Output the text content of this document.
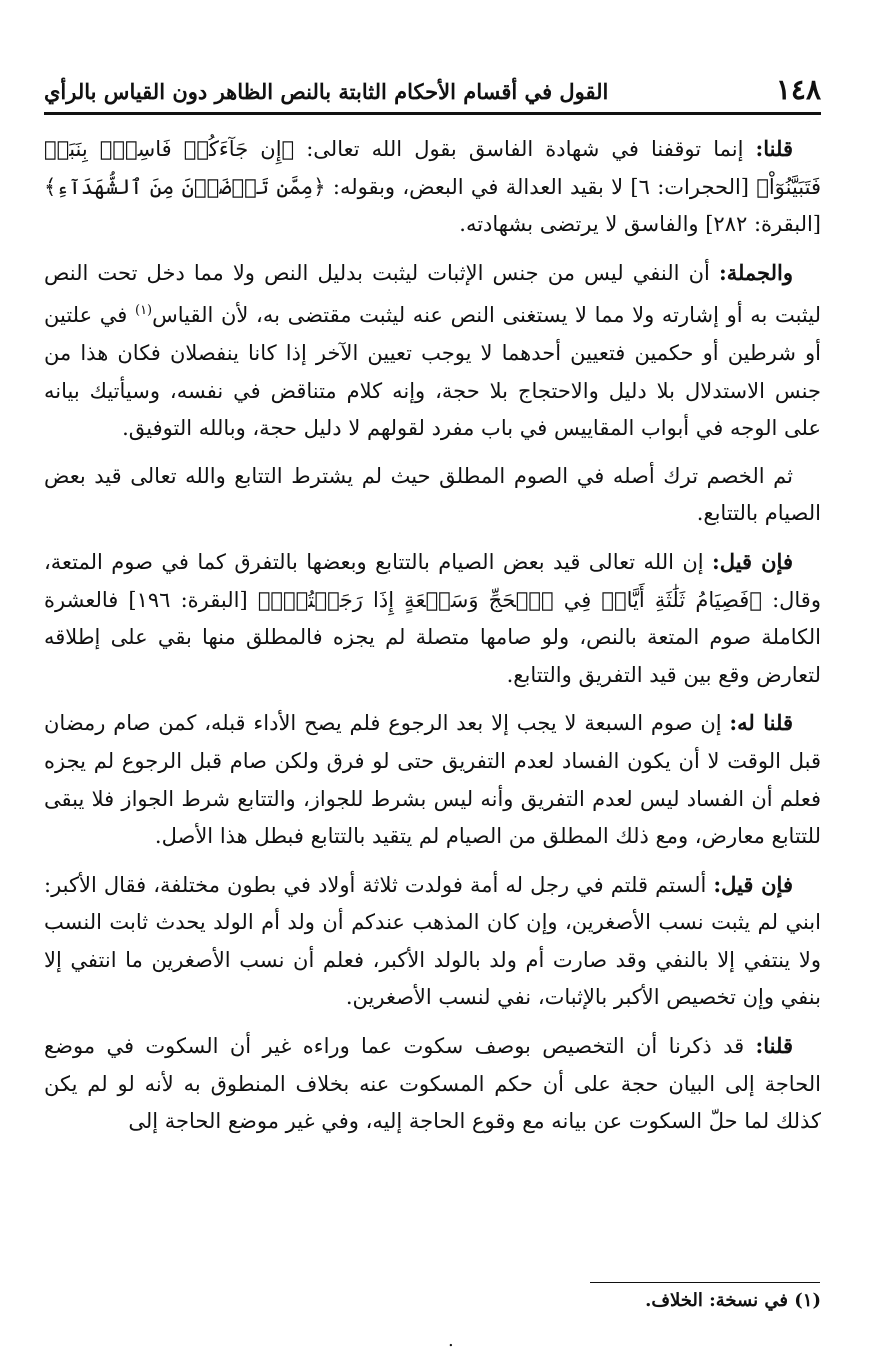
١٤٨
القول في أقسام الأحكام الثابتة بالنص الظاهر دون القياس بالرأي

قلنا: إنما توقفنا في شهادة الفاسق بقول الله تعالى: ﴿إِن جَآءَكُمۡ فَاسِقُۢ بِنَبَإٖ فَتَبَيَّنُوٓاْ﴾ [الحجرات: ٦] لا بقيد العدالة في البعض، وبقوله: ﴿مِمَّن تَرۡضَوۡنَ مِنَ ٱلشُّهَدَآءِ﴾ [البقرة: ٢٨٢] والفاسق لا يرتضى بشهادته.

والجملة: أن النفي ليس من جنس الإثبات ليثبت بدليل النص ولا مما دخل تحت النص ليثبت به أو إشارته ولا مما لا يستغنى النص عنه ليثبت مقتضى به، لأن القياس$^{(١)}$ في علتين أو شرطين أو حكمين فتعيين أحدهما لا يوجب تعيين الآخر إذا كانا ينفصلان فكان هذا من جنس الاستدلال بلا دليل والاحتجاج بلا حجة، وإنه كلام متناقض في نفسه، وسيأتيك بيانه على الوجه في أبواب المقاييس في باب مفرد لقولهم لا دليل حجة، وبالله التوفيق.

ثم الخصم ترك أصله في الصوم المطلق حيث لم يشترط التتابع والله تعالى قيد بعض الصيام بالتتابع.

فإن قيل: إن الله تعالى قيد بعض الصيام بالتتابع وبعضها بالتفرق كما في صوم المتعة، وقال: ﴿فَصِيَامُ ثَلَٰثَةِ أَيَّامٖ فِي ٱلۡحَجِّ وَسَبۡعَةٍ إِذَا رَجَعۡتُمۡۗ﴾ [البقرة: ١٩٦] فالعشرة الكاملة صوم المتعة بالنص، ولو صامها متصلة لم يجزه فالمطلق منها بقي على إطلاقه لتعارض وقع بين قيد التفريق والتتابع.

قلنا له: إن صوم السبعة لا يجب إلا بعد الرجوع فلم يصح الأداء قبله، كمن صام رمضان قبل الوقت لا أن يكون الفساد لعدم التفريق حتى لو فرق ولكن صام قبل الرجوع لم يجزه فعلم أن الفساد ليس لعدم التفريق وأنه ليس بشرط للجواز، والتتابع شرط الجواز فلا يبقى للتتابع معارض، ومع ذلك المطلق من الصيام لم يتقيد بالتتابع فبطل هذا الأصل.

فإن قيل: ألستم قلتم في رجل له أمة فولدت ثلاثة أولاد في بطون مختلفة، فقال الأكبر: ابني لم يثبت نسب الأصغرين، وإن كان المذهب عندكم أن ولد أم الولد يحدث ثابت النسب ولا ينتفي إلا بالنفي وقد صارت أم ولد بالولد الأكبر، فعلم أن نسب الأصغرين ما انتفي إلا بنفي وإن تخصيص الأكبر بالإثبات، نفي لنسب الأصغرين.

قلنا: قد ذكرنا أن التخصيص بوصف سكوت عما وراءه غير أن السكوت في موضع الحاجة إلى البيان حجة على أن حكم المسكوت عنه بخلاف المنطوق به لأنه لو لم يكن كذلك لما حلّ السكوت عن بيانه مع وقوع الحاجة إليه، وفي غير موضع الحاجة إلى

(١) في نسخة: الخلاف.
.
